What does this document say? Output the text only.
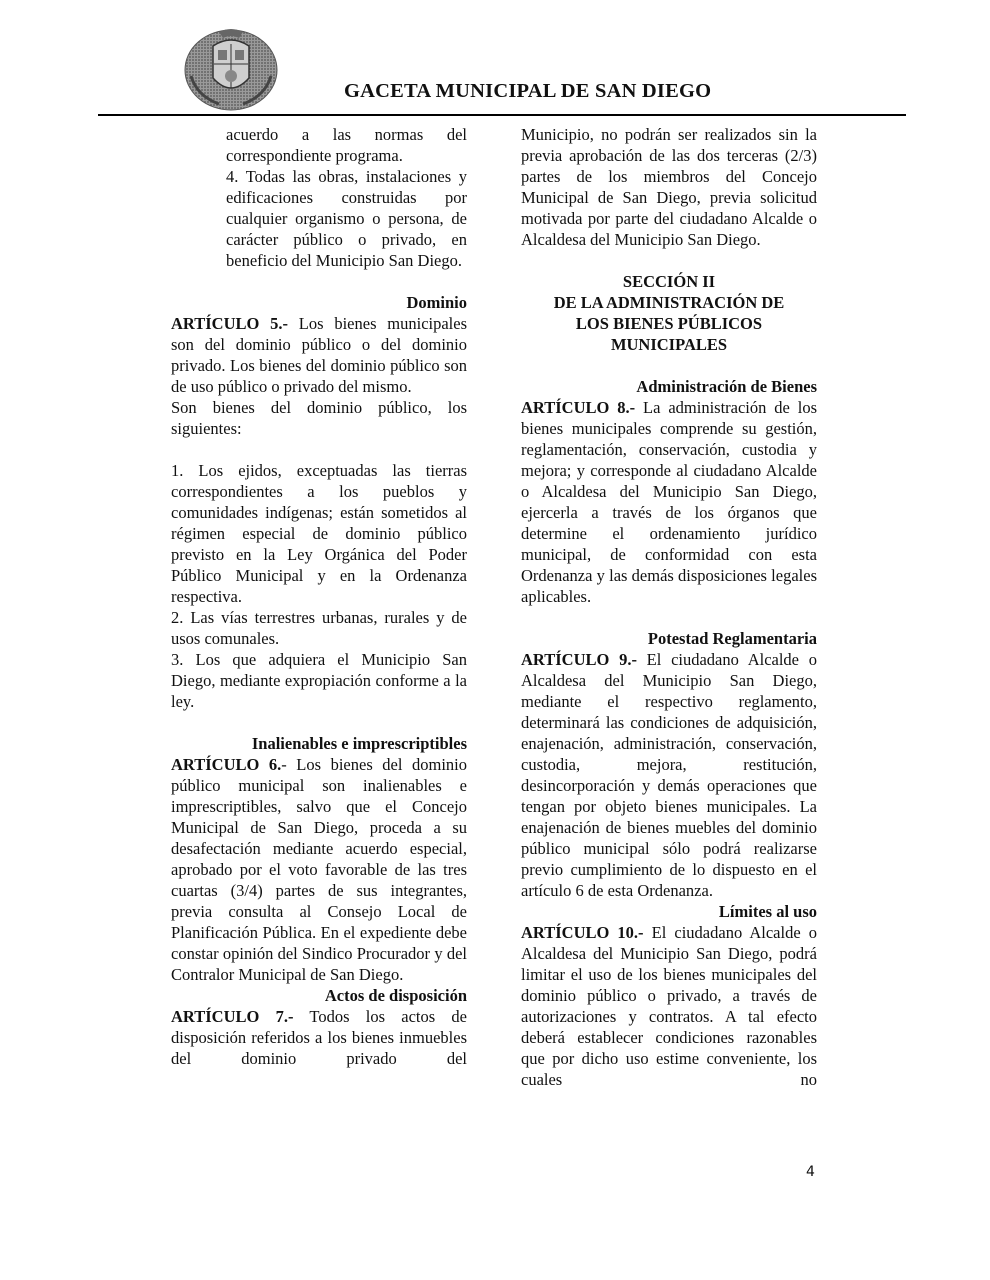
GACETA MUNICIPAL DE SAN DIEGO

acuerdo a las normas del correspondiente programa.

4. Todas las obras, instalaciones y edificaciones construidas por cualquier organismo o persona, de carácter público o privado, en beneficio del Municipio San Diego.

Dominio

ARTÍCULO 5.- Los bienes municipales son del dominio público o del dominio privado. Los bienes del dominio público son de uso público o privado del mismo.

Son bienes del dominio público, los siguientes:

1. Los ejidos, exceptuadas las tierras correspondientes a los pueblos y comunidades indígenas; están sometidos al régimen especial de dominio público previsto en la Ley Orgánica del Poder Público Municipal y en la Ordenanza respectiva.

2. Las vías terrestres urbanas, rurales y de usos comunales.

3. Los que adquiera el Municipio San Diego, mediante expropiación conforme a la ley.

Inalienables e imprescriptibles

ARTÍCULO 6.- Los bienes del dominio público municipal son inalienables e imprescriptibles, salvo que el Concejo Municipal de San Diego, proceda a su desafectación mediante acuerdo especial, aprobado por el voto favorable de las tres cuartas (3/4) partes de sus integrantes, previa consulta al Consejo Local de Planificación Pública. En el expediente debe constar opinión del Sindico Procurador y del Contralor Municipal de San Diego.

Actos de disposición

ARTÍCULO 7.- Todos los actos de disposición referidos a los bienes inmuebles del dominio privado del

Municipio, no podrán ser realizados sin la previa aprobación de las dos terceras (2/3) partes de los miembros del Concejo Municipal de San Diego, previa solicitud motivada por parte del ciudadano Alcalde o Alcaldesa del Municipio San Diego.

SECCIÓN II

DE LA ADMINISTRACIÓN DE

LOS BIENES PÚBLICOS

MUNICIPALES

Administración de Bienes

ARTÍCULO 8.- La administración de los bienes municipales comprende su gestión, reglamentación, conservación, custodia y mejora; y corresponde al ciudadano Alcalde o Alcaldesa del Municipio San Diego, ejercerla a través de los órganos que determine el ordenamiento jurídico municipal, de conformidad con esta Ordenanza y las demás disposiciones legales aplicables.

Potestad Reglamentaria

ARTÍCULO 9.- El ciudadano Alcalde o Alcaldesa del Municipio San Diego, mediante el respectivo reglamento, determinará las condiciones de adquisición, enajenación, administración, conservación, custodia, mejora, restitución, desincorporación y demás operaciones que tengan por objeto bienes municipales. La enajenación de bienes muebles del dominio público municipal sólo podrá realizarse previo cumplimiento de lo dispuesto en el artículo 6 de esta Ordenanza.

Límites al uso

ARTÍCULO 10.- El ciudadano Alcalde o Alcaldesa del Municipio San Diego, podrá limitar el uso de los bienes municipales del dominio público o privado, a través de autorizaciones y contratos. A tal efecto deberá establecer condiciones razonables que por dicho uso estime conveniente, los cuales no

4
